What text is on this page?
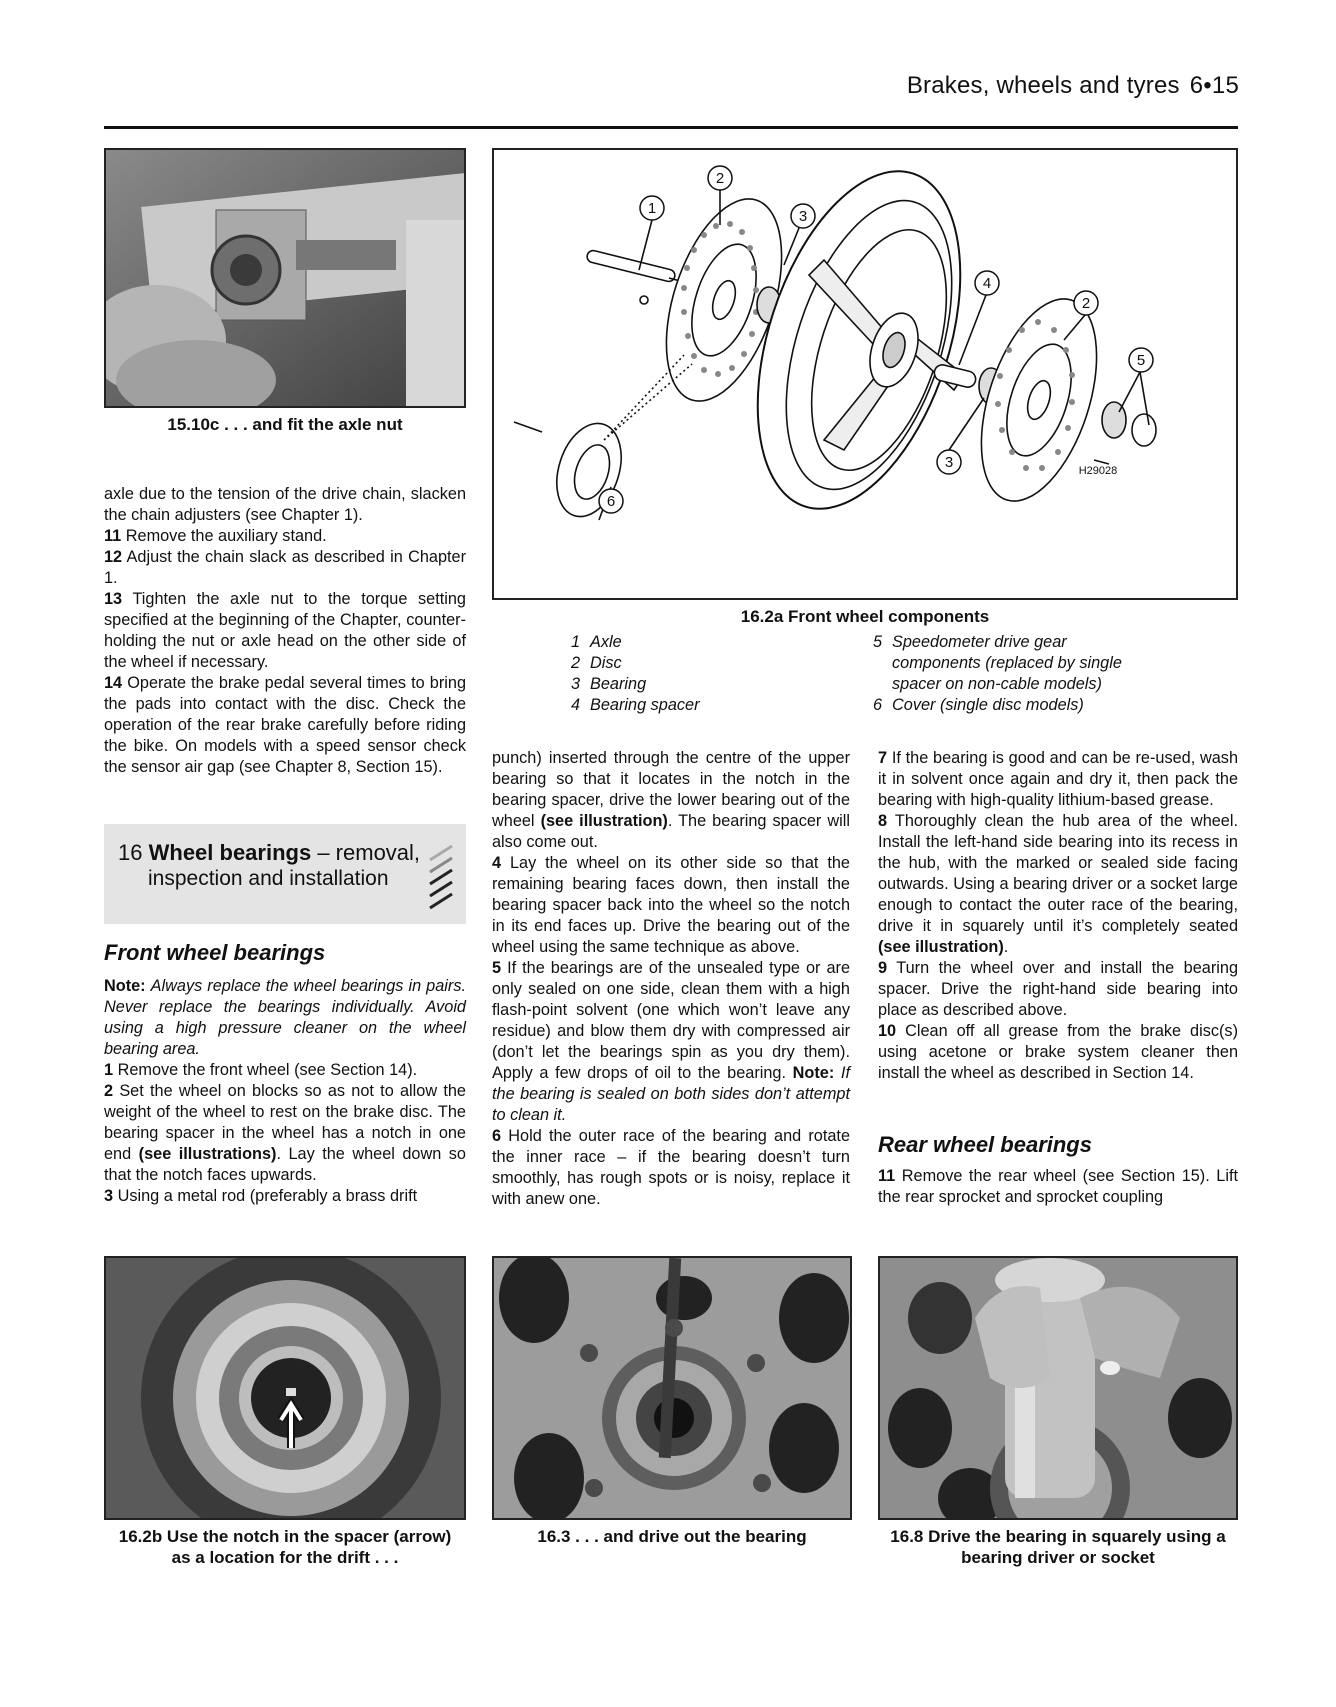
Brakes, wheels and tyres 6•15
15.10c . . . and fit the axle nut
1
2
3
4
2
5
3
6
H29028
16.2a Front wheel components
1 Axle
2 Disc
3 Bearing
4 Bearing spacer
5 Speedometer drive gear
components (replaced by single
spacer on non-cable models)
6 Cover (single disc models)

axle due to the tension of the drive chain, slacken the chain adjusters (see Chapter 1).

11 Remove the auxiliary stand.

12 Adjust the chain slack as described in Chapter 1.

13 Tighten the axle nut to the torque setting specified at the beginning of the Chapter, counter-holding the nut or axle head on the other side of the wheel if necessary.

14 Operate the brake pedal several times to bring the pads into contact with the disc. Check the operation of the rear brake carefully before riding the bike. On models with a speed sensor check the sensor air gap (see Chapter 8, Section 15).

16 Wheel bearings – removal,
inspection and installation
Front wheel bearings

Note: Always replace the wheel bearings in pairs. Never replace the bearings individually. Avoid using a high pressure cleaner on the wheel bearing area.

1 Remove the front wheel (see Section 14).

2 Set the wheel on blocks so as not to allow the weight of the wheel to rest on the brake disc. The bearing spacer in the wheel has a notch in one end (see illustrations). Lay the wheel down so that the notch faces upwards.

3 Using a metal rod (preferably a brass drift

punch) inserted through the centre of the upper bearing so that it locates in the notch in the bearing spacer, drive the lower bearing out of the wheel (see illustration). The bearing spacer will also come out.

4 Lay the wheel on its other side so that the remaining bearing faces down, then install the bearing spacer back into the wheel so the notch in its end faces up. Drive the bearing out of the wheel using the same technique as above.

5 If the bearings are of the unsealed type or are only sealed on one side, clean them with a high flash-point solvent (one which won’t leave any residue) and blow them dry with compressed air (don’t let the bearings spin as you dry them). Apply a few drops of oil to the bearing. Note: If the bearing is sealed on both sides don’t attempt to clean it.

6 Hold the outer race of the bearing and rotate the inner race – if the bearing doesn’t turn smoothly, has rough spots or is noisy, replace it with anew one.

7 If the bearing is good and can be re-used, wash it in solvent once again and dry it, then pack the bearing with high-quality lithium-based grease.

8 Thoroughly clean the hub area of the wheel. Install the left-hand side bearing into its recess in the hub, with the marked or sealed side facing outwards. Using a bearing driver or a socket large enough to contact the outer race of the bearing, drive it in squarely until it’s completely seated (see illustration).

9 Turn the wheel over and install the bearing spacer. Drive the right-hand side bearing into place as described above.

10 Clean off all grease from the brake disc(s) using acetone or brake system cleaner then install the wheel as described in Section 14.

Rear wheel bearings

11 Remove the rear wheel (see Section 15). Lift the rear sprocket and sprocket coupling

16.2b Use the notch in the spacer (arrow)
as a location for the drift . . .
16.3 . . . and drive out the bearing	16.8 Drive the bearing in squarely using a
bearing driver or socket
